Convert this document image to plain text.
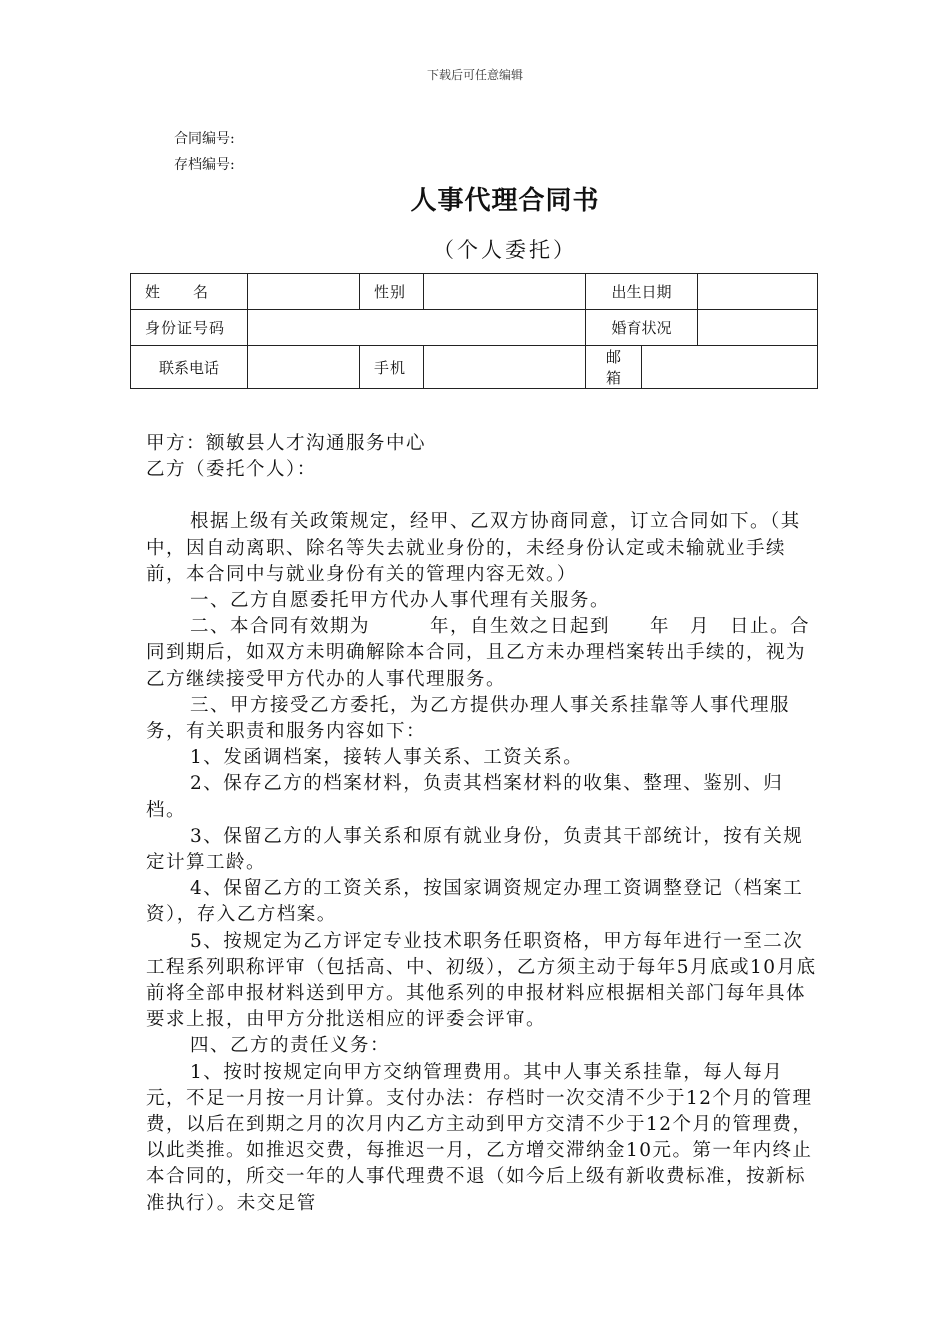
下载后可任意编辑
合同编号:
存档编号:
人事代理合同书
（个人委托）
姓　　名		性别		出生日期		
身份证号码				婚育状况		
联系电话		手机		邮　　箱		

甲方：额敏县人才沟通服务中心

乙方（委托个人）：

根据上级有关政策规定，经甲、乙双方协商同意，订立合同如下。（其中，因自动离职、除名等失去就业身份的，未经身份认定或未输就业手续前，本合同中与就业身份有关的管理内容无效。）

一、乙方自愿委托甲方代办人事代理有关服务。

二、本合同有效期为　　　年，自生效之日起到　　年　月　日止。合同到期后，如双方未明确解除本合同，且乙方未办理档案转出手续的，视为乙方继续接受甲方代办的人事代理服务。

三、甲方接受乙方委托，为乙方提供办理人事关系挂靠等人事代理服务，有关职责和服务内容如下：

1、发函调档案，接转人事关系、工资关系。

2、保存乙方的档案材料，负责其档案材料的收集、整理、鉴别、归档。

3、保留乙方的人事关系和原有就业身份，负责其干部统计，按有关规定计算工龄。

4、保留乙方的工资关系，按国家调资规定办理工资调整登记（档案工资），存入乙方档案。

5、按规定为乙方评定专业技术职务任职资格，甲方每年进行一至二次工程系列职称评审（包括高、中、初级），乙方须主动于每年5月底或10月底前将全部申报材料送到甲方。其他系列的申报材料应根据相关部门每年具体要求上报，由甲方分批送相应的评委会评审。

四、乙方的责任义务：

1、按时按规定向甲方交纳管理费用。其中人事关系挂靠，每人每月　　元，不足一月按一月计算。支付办法：存档时一次交清不少于12个月的管理费，以后在到期之月的次月内乙方主动到甲方交清不少于12个月的管理费，以此类推。如推迟交费，每推迟一月，乙方增交滞纳金10元。第一年内终止本合同的，所交一年的人事代理费不退（如今后上级有新收费标准，按新标准执行）。未交足管
